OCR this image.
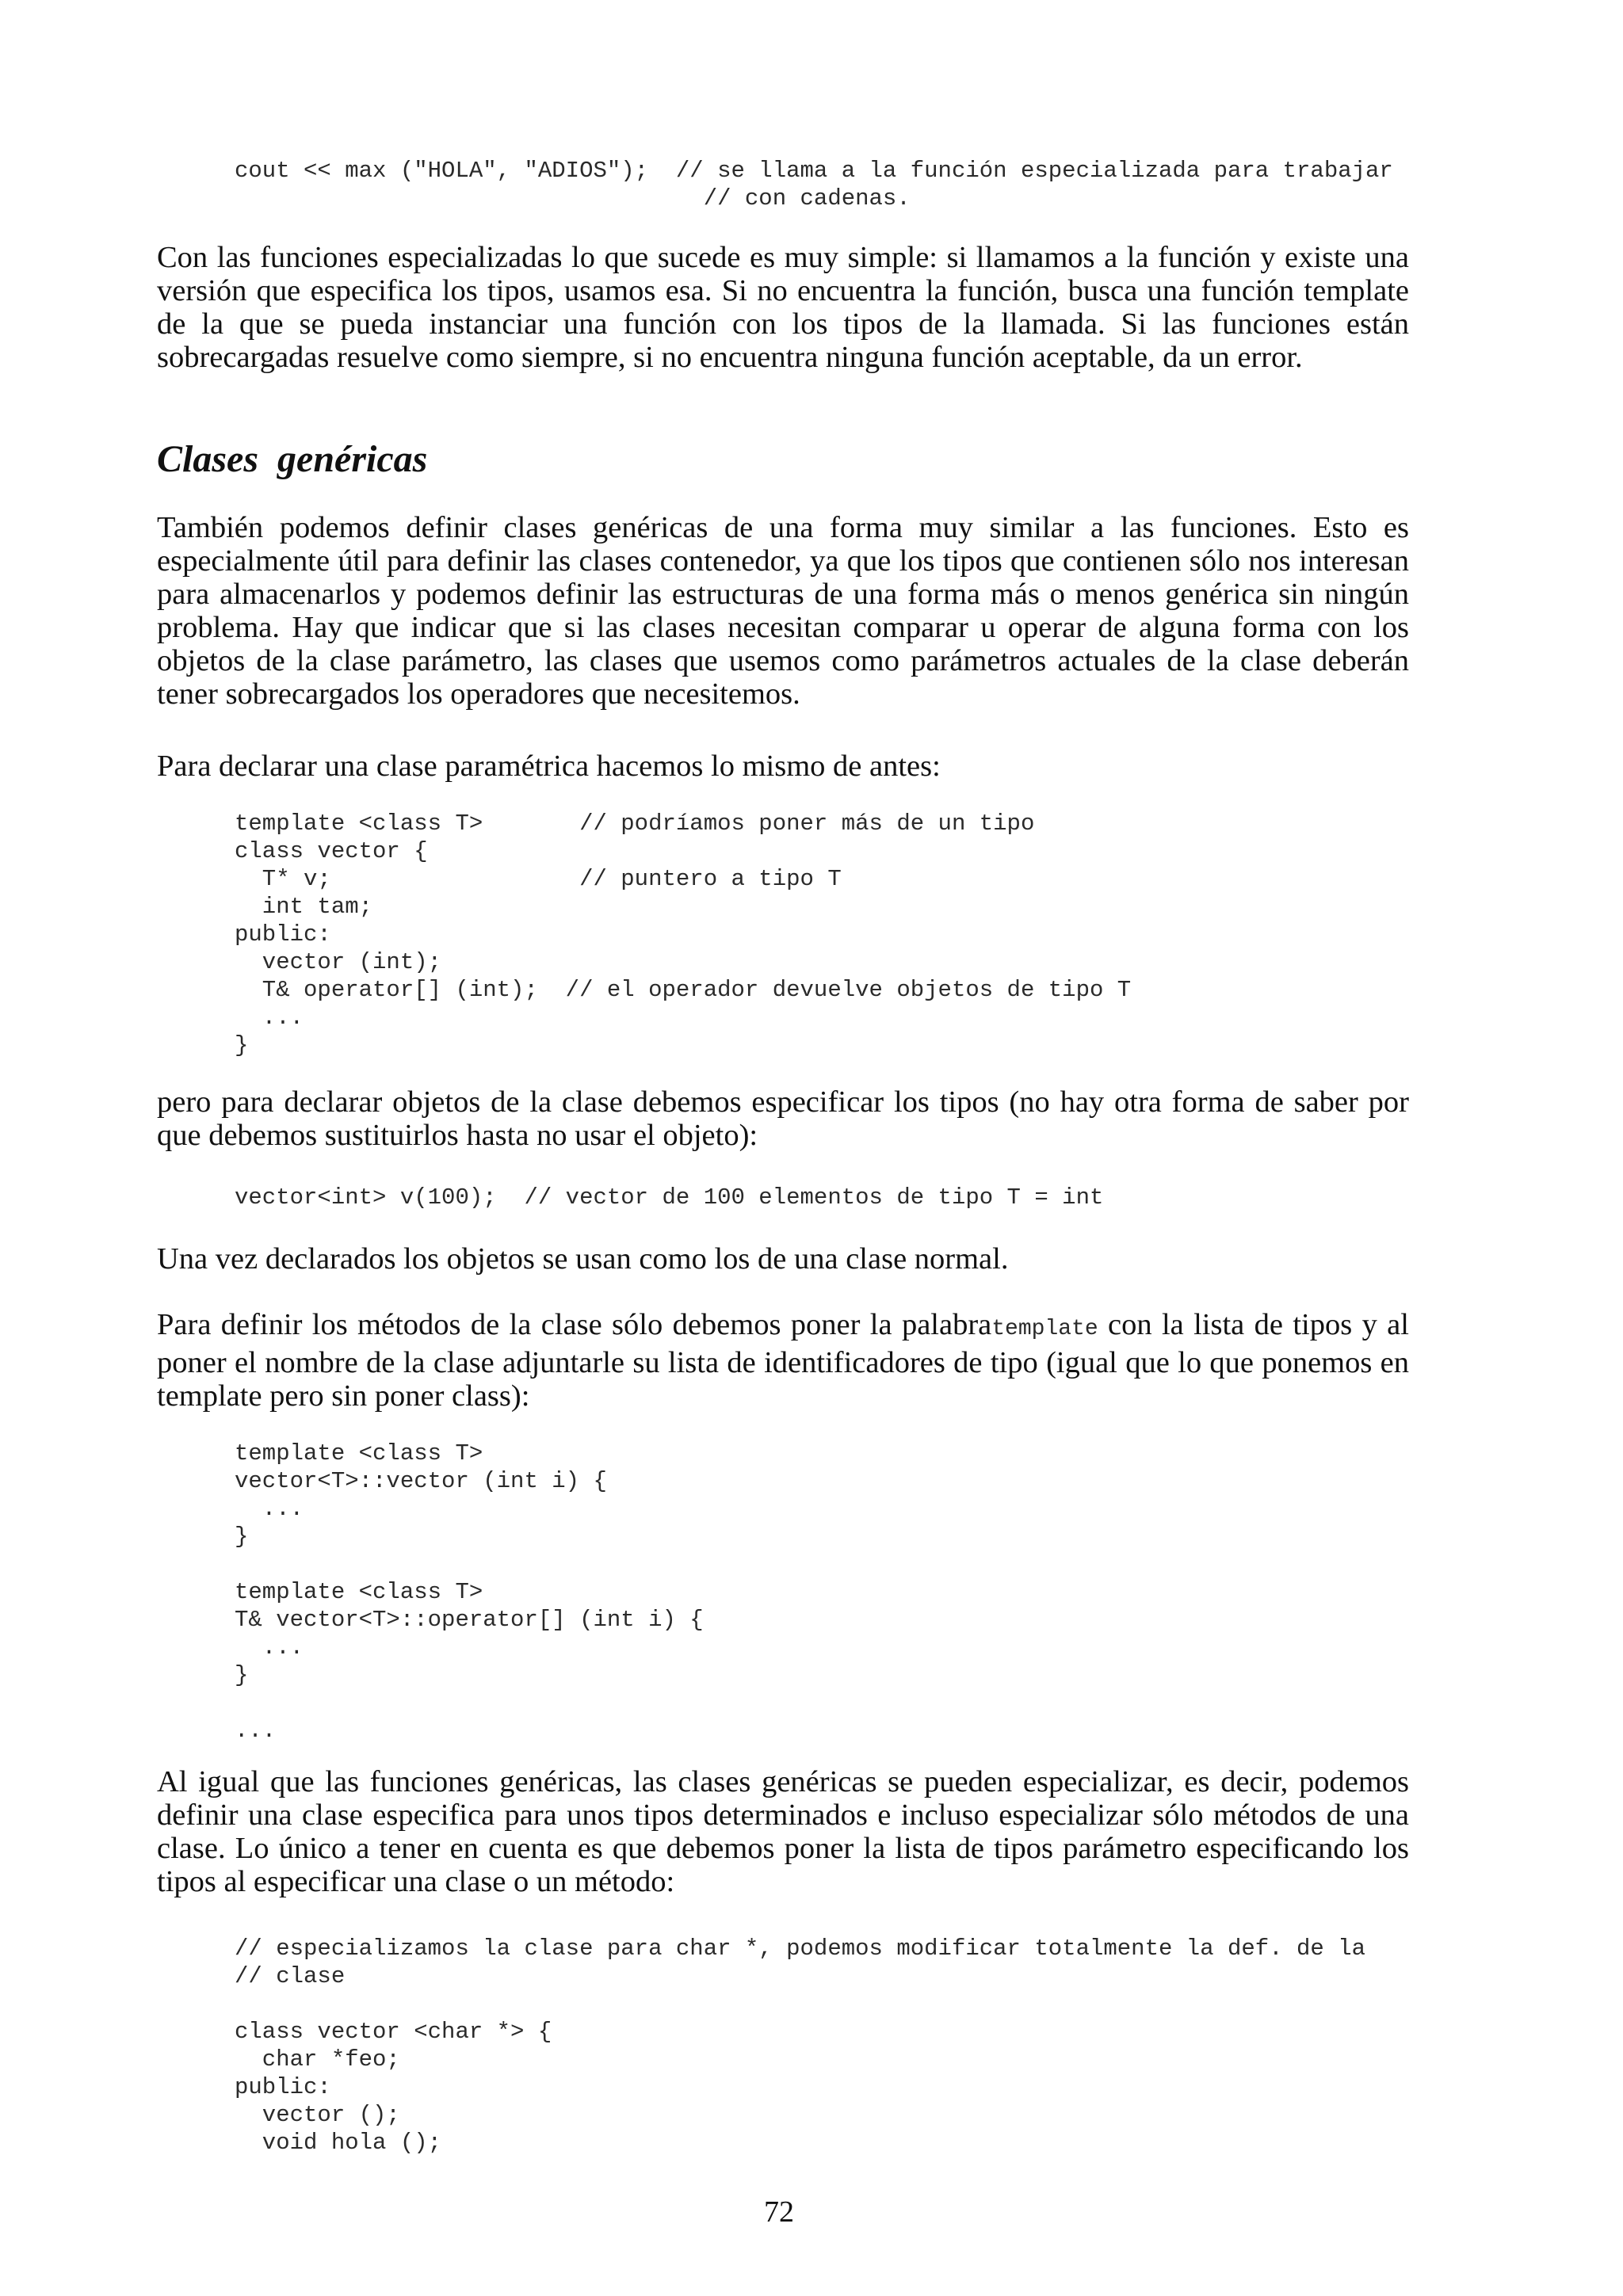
cout << max ("HOLA", "ADIOS");  // se llama a la función especializada para trabajar
// con cadenas.

Con las funciones especializadas lo que sucede es muy simple: si llamamos a la función y existe una versión que especifica los tipos, usamos esa. Si no encuentra la función, busca una función template de la que se pueda instanciar una función con los tipos de la llamada. Si las funciones están sobrecargadas resuelve como siempre, si no encuentra ninguna función aceptable, da un error.

Clases genéricas

También podemos definir clases genéricas de una forma muy similar a las funciones. Esto es especialmente útil para definir las clases contenedor, ya que los tipos que contienen sólo nos interesan para almacenarlos y podemos definir las estructuras de una forma más o menos genérica sin ningún problema. Hay que indicar que si las clases necesitan comparar u operar de alguna forma con los objetos de la clase parámetro, las clases que usemos como parámetros actuales de la clase deberán tener sobrecargados los operadores que necesitemos.

Para declarar una clase paramétrica hacemos lo mismo de antes:

template <class T>       // podríamos poner más de un tipo
class vector {
T* v;                  // puntero a tipo T
int tam;
public:
vector (int);
T& operator[] (int);  // el operador devuelve objetos de tipo T
...
}

pero para declarar objetos de la clase debemos especificar los tipos (no hay otra forma de saber por que debemos sustituirlos hasta no usar el objeto):

vector<int> v(100);  // vector de 100 elementos de tipo T = int

Una vez declarados los objetos se usan como los de una clase normal.

Para definir los métodos de la clase sólo debemos poner la palabratemplate con la lista de tipos y al poner el nombre de la clase adjuntarle su lista de identificadores de tipo (igual que lo que ponemos en template pero sin poner class):

template <class T>
vector<T>::vector (int i) {
...
}

template <class T>
T& vector<T>::operator[] (int i) {
...
}

...

Al igual que las funciones genéricas, las clases genéricas se pueden especializar, es decir, podemos definir una clase especifica para unos tipos determinados e incluso especializar sólo métodos de una clase. Lo único a tener en cuenta es que debemos poner la lista de tipos parámetro especificando los tipos al especificar una clase o un método:

// especializamos la clase para char *, podemos modificar totalmente la def. de la
// clase

class vector <char *> {
char *feo;
public:
vector ();
void hola ();
72
